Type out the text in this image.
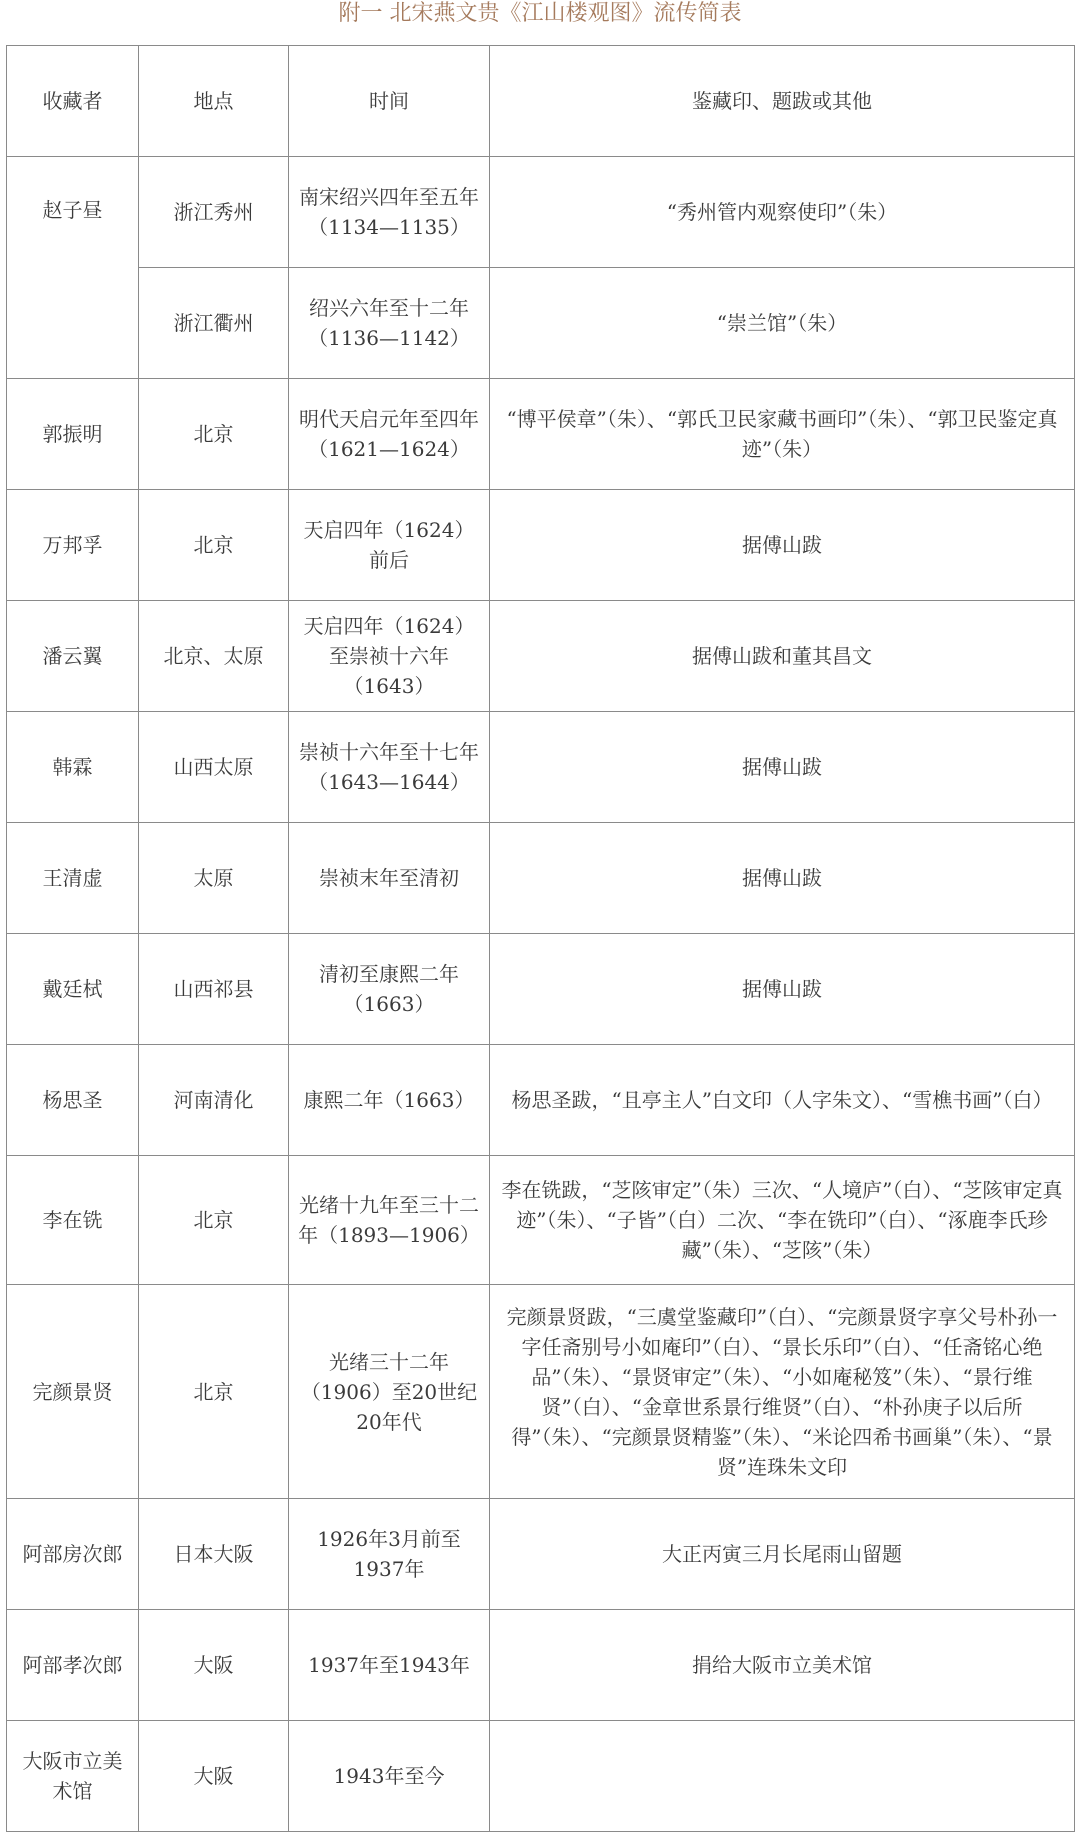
附一 北宋燕文贵《江山楼观图》流传简表
收藏者	地点	时间	鉴藏印、题跋或其他
赵子昼	浙江秀州	南宋绍兴四年至五年（1134—1135）	“秀州管内观察使印”（朱）
	浙江衢州	绍兴六年至十二年（1136—1142）	“崇兰馆”（朱）
郭振明	北京	明代天启元年至四年（1621—1624）	“博平侯章”（朱）、“郭氏卫民家藏书画印”（朱）、“郭卫民鉴定真迹”（朱）
万邦孚	北京	天启四年（1624）前后	据傅山跋
潘云翼	北京、太原	天启四年（1624）至崇祯十六年（1643）	据傅山跋和董其昌文
韩霖	山西太原	崇祯十六年至十七年（1643—1644）	据傅山跋
王清虚	太原	崇祯末年至清初	据傅山跋
戴廷栻	山西祁县	清初至康熙二年（1663）	据傅山跋
杨思圣	河南清化	康熙二年（1663）	杨思圣跋，“且亭主人”白文印（人字朱文）、“雪樵书画”（白）
李在铣	北京	光绪十九年至三十二年（1893—1906）	李在铣跋，“芝陔审定”（朱）三次、“人境庐”（白）、“芝陔审定真迹”（朱）、“子皆”（白）二次、“李在铣印”（白）、“涿鹿李氏珍藏”（朱）、“芝陔”（朱）
完颜景贤	北京	光绪三十二年（1906）至20世纪20年代	完颜景贤跋，“三虞堂鉴藏印”（白）、“完颜景贤字享父号朴孙一字任斋别号小如庵印”（白）、“景长乐印”（白）、“任斋铭心绝品”（朱）、“景贤审定”（朱）、“小如庵秘笈”（朱）、“景行维贤”（白）、“金章世系景行维贤”（白）、“朴孙庚子以后所得”（朱）、“完颜景贤精鉴”（朱）、“米论四希书画巢”（朱）、“景贤”连珠朱文印
阿部房次郎	日本大阪	1926年3月前至1937年	大正丙寅三月长尾雨山留题
阿部孝次郎	大阪	1937年至1943年	捐给大阪市立美术馆
大阪市立美术馆	大阪	1943年至今	
